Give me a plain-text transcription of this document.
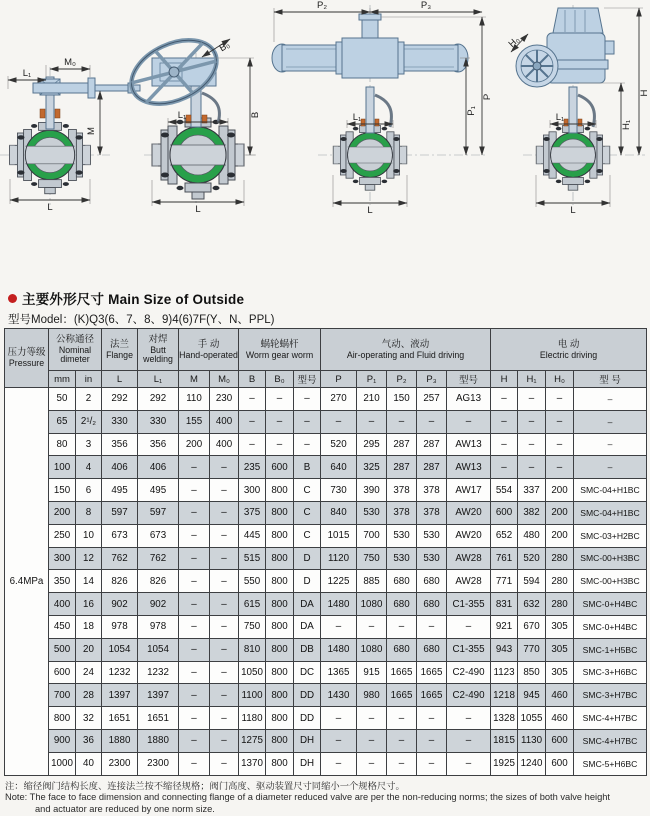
L₁
M₀
M
L
B₀
B
L₁
L
P₂	P₃
P
P₁
L₁
L
H₀
H
H₁
L₁
L
主要外形尺寸 Main Size of Outside
型号Model：(K)Q3(6、7、8、9)4(6)7F(Y、N、PPL)
压力等级
Pressure	公称通径
Nominal dimeter		法兰
Flange	对焊
Butt welding	手 动
Hand-operated		蜗轮蜗杆
Worm gear worm			气动、液动
Air-operating and Fluid driving					电 动
Electric driving			

	mm	in	L	L₁	M	M₀	B	B₀	型号	P	P₁	P₂	P₃	型号	H	H₁	H₀	型 号
6.4MPa	50	2	292	292	110	230	–	–	–	270	210	150	257	AG13	–	–	–	–
	65	2¹/₂	330	330	155	400	–	–	–	–	–	–	–	–	–	–	–	–
	80	3	356	356	200	400	–	–	–	520	295	287	287	AW13	–	–	–	–
	100	4	406	406	–	–	235	600	B	640	325	287	287	AW13	–	–	–	–
	150	6	495	495	–	–	300	800	C	730	390	378	378	AW17	554	337	200	SMC-04+H1BC
	200	8	597	597	–	–	375	800	C	840	530	378	378	AW20	600	382	200	SMC-04+H1BC
	250	10	673	673	–	–	445	800	C	1015	700	530	530	AW20	652	480	200	SMC-03+H2BC
	300	12	762	762	–	–	515	800	D	1120	750	530	530	AW28	761	520	280	SMC-00+H3BC
	350	14	826	826	–	–	550	800	D	1225	885	680	680	AW28	771	594	280	SMC-00+H3BC
	400	16	902	902	–	–	615	800	DA	1480	1080	680	680	C1-355	831	632	280	SMC-0+H4BC
	450	18	978	978	–	–	750	800	DA	–	–	–	–	–	921	670	305	SMC-0+H4BC
	500	20	1054	1054	–	–	810	800	DB	1480	1080	680	680	C1-355	943	770	305	SMC-1+H5BC
	600	24	1232	1232	–	–	1050	800	DC	1365	915	1665	1665	C2-490	1123	850	305	SMC-3+H6BC
	700	28	1397	1397	–	–	1100	800	DD	1430	980	1665	1665	C2-490	1218	945	460	SMC-3+H7BC
	800	32	1651	1651	–	–	1180	800	DD	–	–	–	–	–	1328	1055	460	SMC-4+H7BC
	900	36	1880	1880	–	–	1275	800	DH	–	–	–	–	–	1815	1130	600	SMC-4+H7BC
	1000	40	2300	2300	–	–	1370	800	DH	–	–	–	–	–	1925	1240	600	SMC-5+H6BC
注：缩径阀门结构长度、连接法兰按不缩径规格；阀门高度、驱动装置尺寸同缩小一个规格尺寸。
Note: The face to face dimension and connecting flange of a diameter reduced valve are per the non-reducing norms; the sizes of both valve height
and actuator are reduced by one norm size.
